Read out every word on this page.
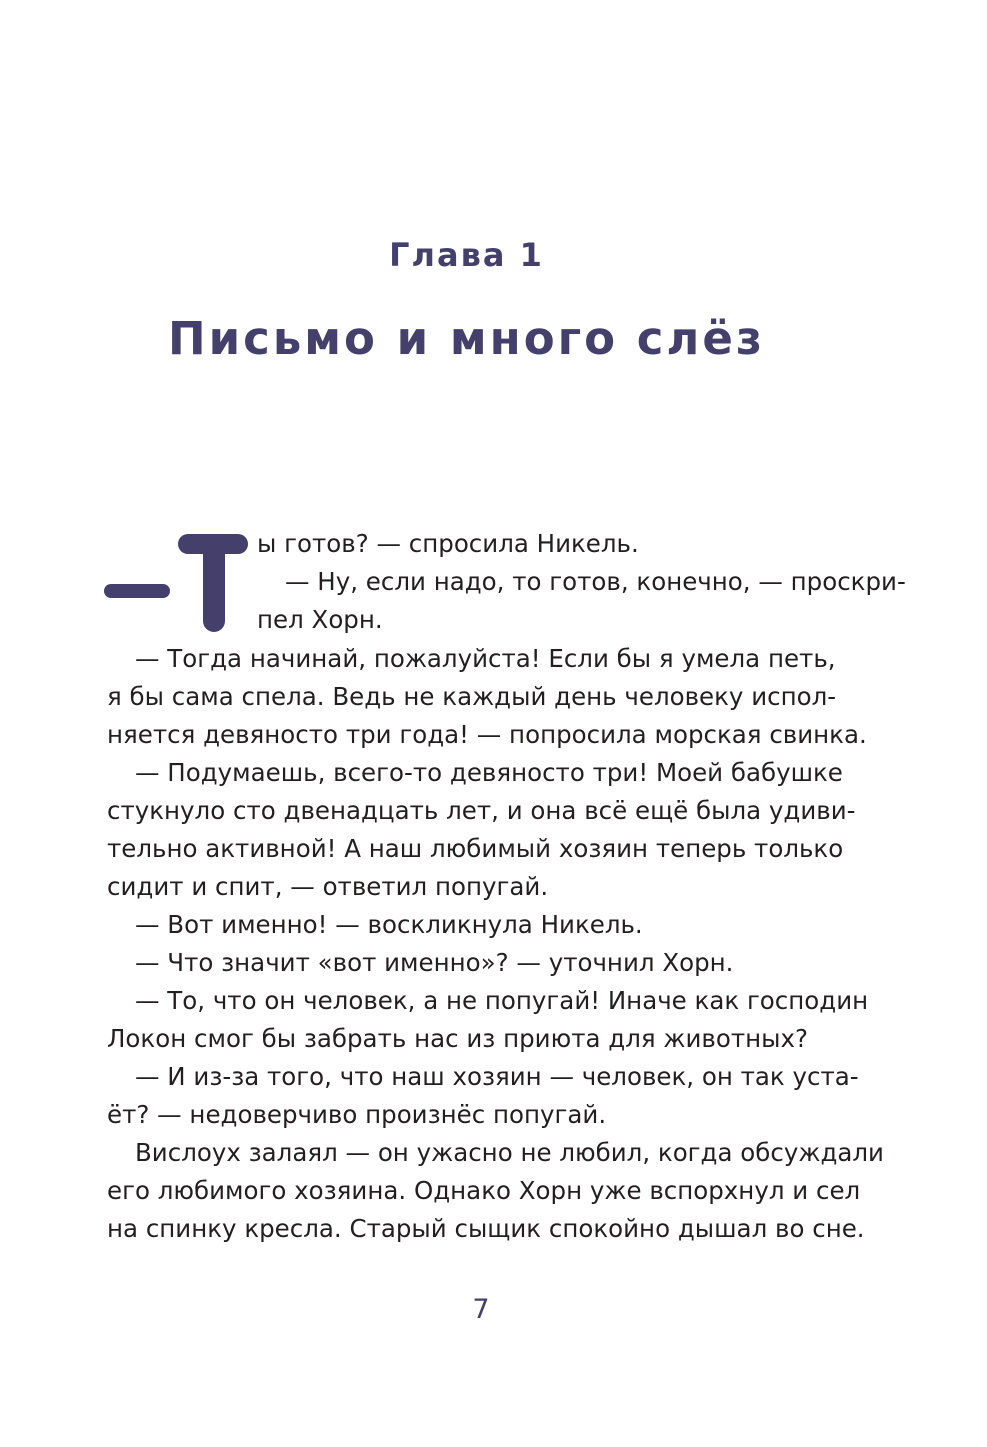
Глава 1
Письмо и много слёз
ы готов? — спросила Никель.
— Ну, если надо, то готов, конечно, — проскри-
пел Хорн.
— Тогда начинай, пожалуйста! Если бы я умела петь,
я бы сама спела. Ведь не каждый день человеку испол-
няется девяносто три года! — попросила морская свинка.
— Подумаешь, всего-то девяносто три! Моей бабушке
стукнуло сто двенадцать лет, и она всё ещё была удиви-
тельно активной! А наш любимый хозяин теперь только
сидит и спит, — ответил попугай.
— Вот именно! — воскликнула Никель.
— Что значит «вот именно»? — уточнил Хорн.
— То, что он человек, а не попугай! Иначе как господин
Локон смог бы забрать нас из приюта для животных?
— И из-за того, что наш хозяин — человек, он так уста-
ёт? — недоверчиво произнёс попугай.
Вислоух залаял — он ужасно не любил, когда обсуждали
его любимого хозяина. Однако Хорн уже вспорхнул и сел
на спинку кресла. Старый сыщик спокойно дышал во сне.
7
